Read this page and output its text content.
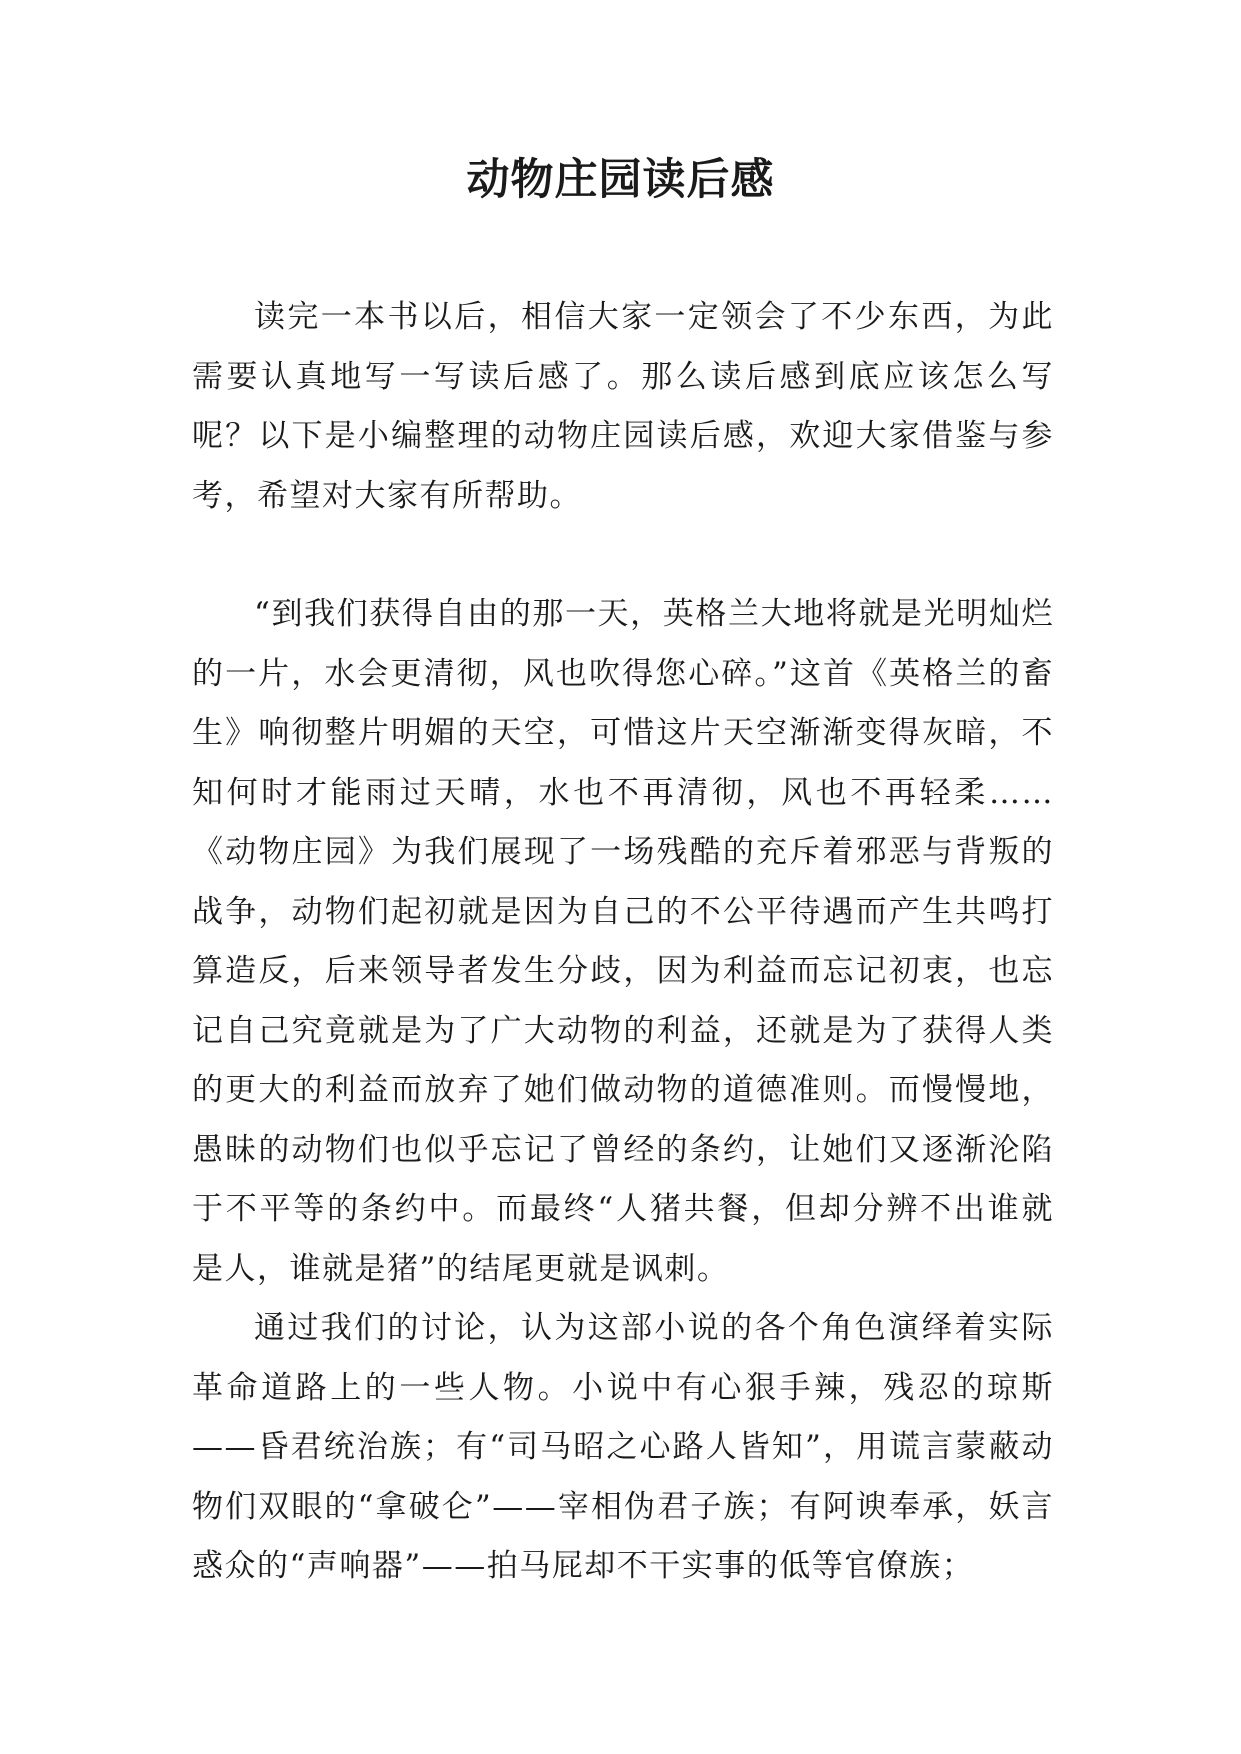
动物庄园读后感

读完一本书以后，相信大家一定领会了不少东西，为此需要认真地写一写读后感了。那么读后感到底应该怎么写呢？以下是小编整理的动物庄园读后感，欢迎大家借鉴与参考，希望对大家有所帮助。

“到我们获得自由的那一天，英格兰大地将就是光明灿烂的一片，水会更清彻，风也吹得您心碎。”这首《英格兰的畜生》响彻整片明媚的天空，可惜这片天空渐渐变得灰暗，不知何时才能雨过天晴，水也不再清彻，风也不再轻柔……《动物庄园》为我们展现了一场残酷的充斥着邪恶与背叛的战争，动物们起初就是因为自己的不公平待遇而产生共鸣打算造反，后来领导者发生分歧，因为利益而忘记初衷，也忘记自己究竟就是为了广大动物的利益，还就是为了获得人类的更大的利益而放弃了她们做动物的道德准则。而慢慢地，愚昧的动物们也似乎忘记了曾经的条约，让她们又逐渐沦陷于不平等的条约中。而最终“人猪共餐，但却分辨不出谁就是人，谁就是猪”的结尾更就是讽刺。

通过我们的讨论，认为这部小说的各个角色演绎着实际革命道路上的一些人物。小说中有心狠手辣，残忍的琼斯——昏君统治族；有“司马昭之心路人皆知”，用谎言蒙蔽动物们双眼的“拿破仑”——宰相伪君子族；有阿谀奉承，妖言惑众的“声响器”——拍马屁却不干实事的低等官僚族；
